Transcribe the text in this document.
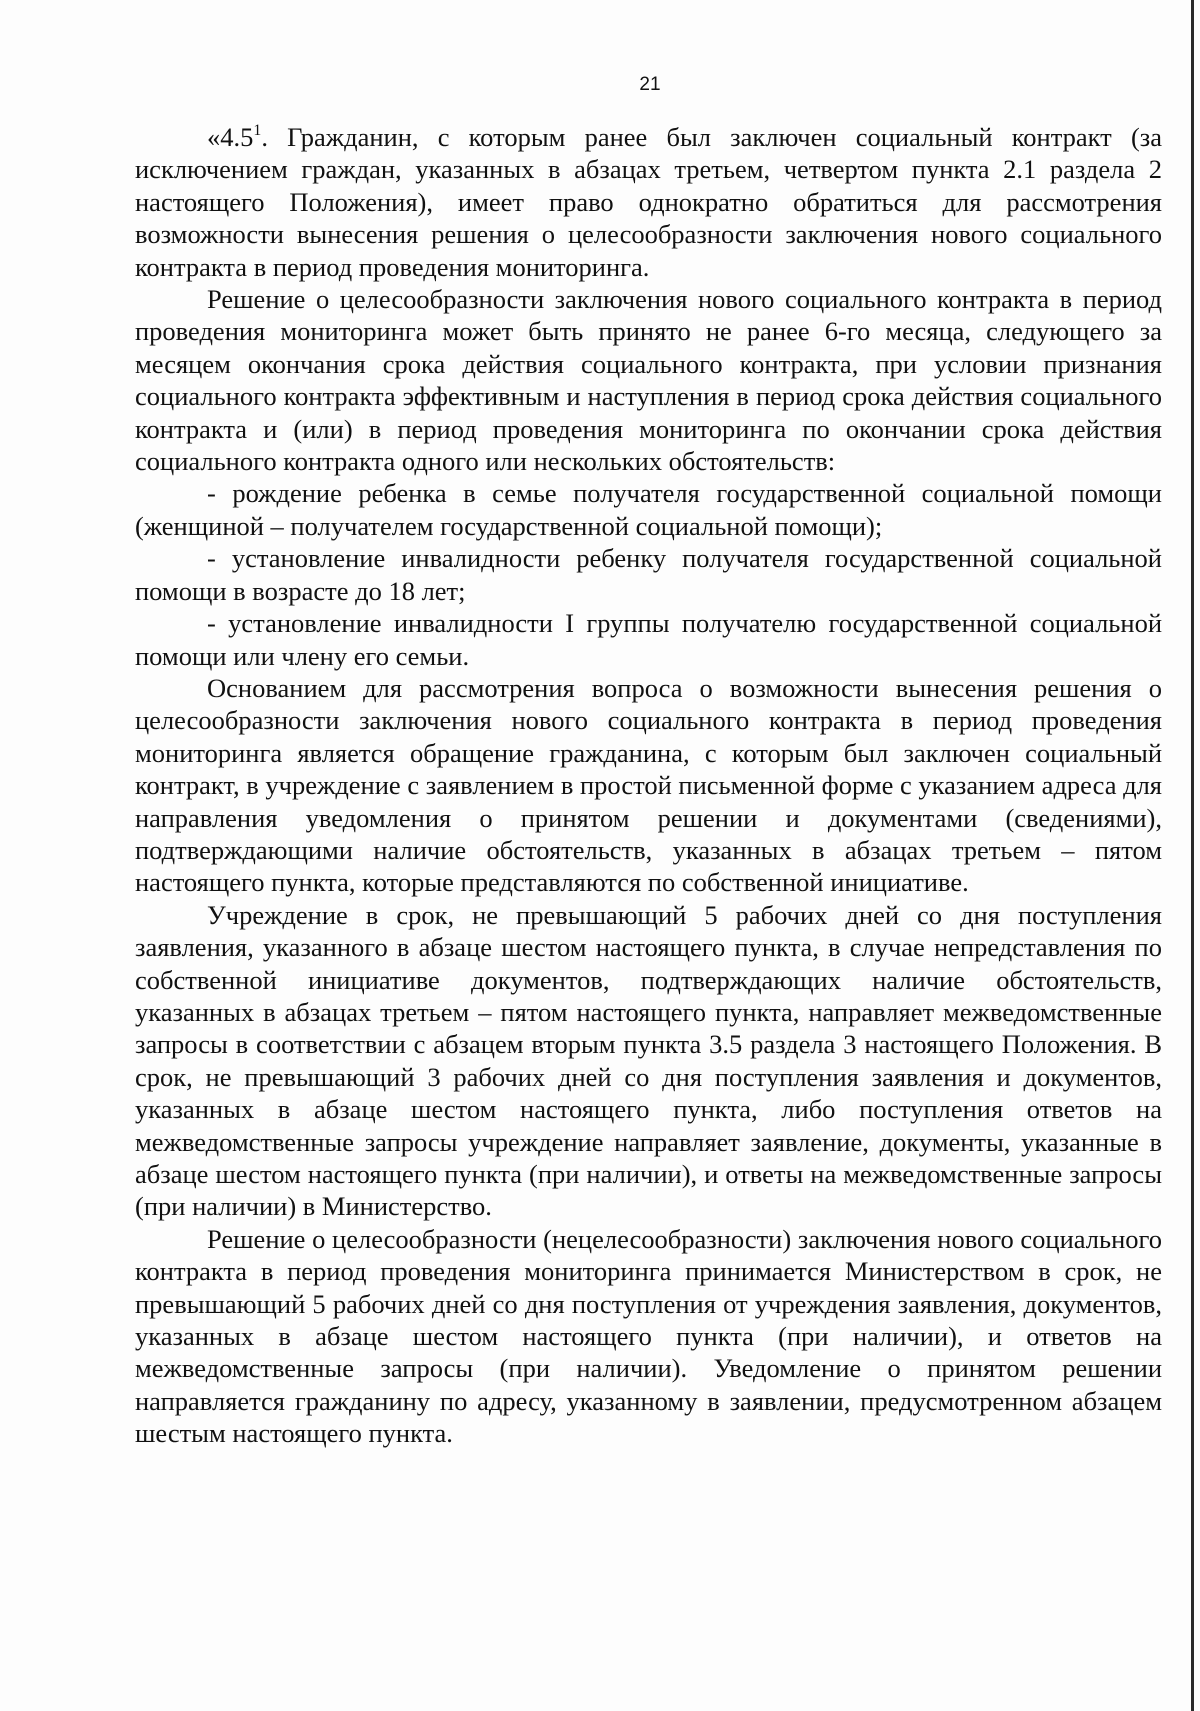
21

«$4.5^1$. Гражданин, с которым ранее был заключен социальный контракт (за исключением граждан, указанных в абзацах третьем, четвертом пункта 2.1 раздела 2 настоящего Положения), имеет право однократно обратиться для рассмотрения возможности вынесения решения о целесообразности заключения нового социального контракта в период проведения мониторинга.

Решение о целесообразности заключения нового социального контракта в период проведения мониторинга может быть принято не ранее 6-го месяца, следующего за месяцем окончания срока действия социального контракта, при условии признания социального контракта эффективным и наступления в период срока действия социального контракта и (или) в период проведения мониторинга по окончании срока действия социального контракта одного или нескольких обстоятельств:

- рождение ребенка в семье получателя государственной социальной помощи (женщиной – получателем государственной социальной помощи);

- установление инвалидности ребенку получателя государственной социальной помощи в возрасте до 18 лет;

- установление инвалидности I группы получателю государственной социальной помощи или члену его семьи.

Основанием для рассмотрения вопроса о возможности вынесения решения о целесообразности заключения нового социального контракта в период проведения мониторинга является обращение гражданина, с которым был заключен социальный контракт, в учреждение с заявлением в простой письменной форме с указанием адреса для направления уведомления о принятом решении и документами (сведениями), подтверждающими наличие обстоятельств, указанных в абзацах третьем – пятом настоящего пункта, которые представляются по собственной инициативе.

Учреждение в срок, не превышающий 5 рабочих дней со дня поступления заявления, указанного в абзаце шестом настоящего пункта, в случае непредставления по собственной инициативе документов, подтверждающих наличие обстоятельств, указанных в абзацах третьем – пятом настоящего пункта, направляет межведомственные запросы в соответствии с абзацем вторым пункта 3.5 раздела 3 настоящего Положения. В срок, не превышающий 3 рабочих дней со дня поступления заявления и документов, указанных в абзаце шестом настоящего пункта, либо поступления ответов на межведомственные запросы учреждение направляет заявление, документы, указанные в абзаце шестом настоящего пункта (при наличии), и ответы на межведомственные запросы (при наличии) в Министерство.

Решение о целесообразности (нецелесообразности) заключения нового социального контракта в период проведения мониторинга принимается Министерством в срок, не превышающий 5 рабочих дней со дня поступления от учреждения заявления, документов, указанных в абзаце шестом настоящего пункта (при наличии), и ответов на межведомственные запросы (при наличии). Уведомление о принятом решении направляется гражданину по адресу, указанному в заявлении, предусмотренном абзацем шестым настоящего пункта.
